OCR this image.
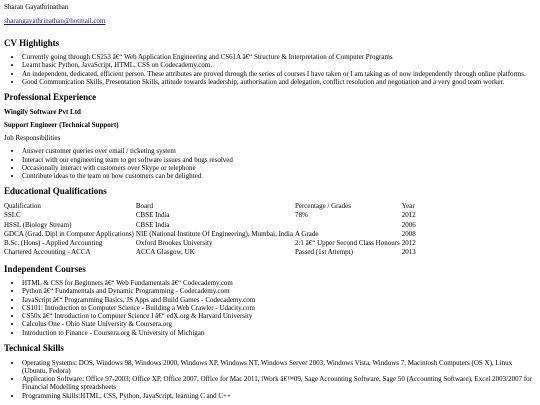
Sharan Gayathrinathan
sharangayathrinathan@hotmail.com
CV Highlights
• Currently going through CS253 â€“ Web Application Engineering and CS61A â€“ Structure & Interpretation of Computer Programs
• Learnt basic Python, JavaScript, HTML, CSS on Codecademy.com.
• An independent, dedicated, efficient person. These attributes are proved through the series of courses I have taken or I am taking as of now independently through online platforms.
• Good Communication Skills, Presentation Skills, attitude towards leadership, authorisation and delegation, conflict resolution and negotiation and a very good team worker.
Professional Experience
Wingify Software Pvt Ltd
Support Engineer (Technical Support)

Job Responsibilities

• Answer customer queries over email / ticketing system
• Interact with our engineering team to get software issues and bugs resolved
• Occasionally interact with customers over Skype or telephone
• Contribute ideas to the team on how customers can be delighted
Educational Qualifications
Qualification	Board	Percentage / Grades	Year
SSLC	CBSE India	78%	2012
HSSL (Biology Stream)	CBSE India		2006
GDCA (Grad. Dipl in Computer Applications)	NIE (National Institute Of Engineering), Mumbai, India	A Grade	2008
B.Sc. (Hons) - Applied Accounting	Oxford Brookes University	2:1 â€“ Upper Second Class Honours	2012
Chartered Accounting - ACCA	ACCA Glasgow, UK	Passed (1st Attempt)	2013
Independent Courses
• HTML & CSS for Beginners â€“ Web Fundamentals â€“ Codecademy.com
• Python â€“ Fundamentals and Dynamic Programming - Codecademy.com
• JavaScript â€“ Programming Basics, JS Apps and Build Games - Codecademy.com
• CS101: Introduction to Computer Science - Building a Web Crawler - Udacity.com
• CS50x â€“ Introduction to Computer Science I â€“ edX.org & Harvard University
• Calculus One - Ohio State University & Coursera.org
• Introduction to Finance - Coursera.org & University of Michigan
Technical Skills
• Operating Systems: DOS, Windows 98, Windows 2000, Windows XP, Windows NT, Windows Server 2003, Windows Vista, Windows 7, Macintosh Computers (OS X), Linux (Ubuntu, Fedora)
• Application Software: Office 97-2003; Office XP, Office 2007, Office for Mac 2011, iWork â€™09, Sage Accounting Software, Sage 50 (Accounting Software), Excel 2003/2007 for Financial Modelling spreadsheets
• Programming Skills:HTML, CSS, Python, JavaScript, learning C and C++
